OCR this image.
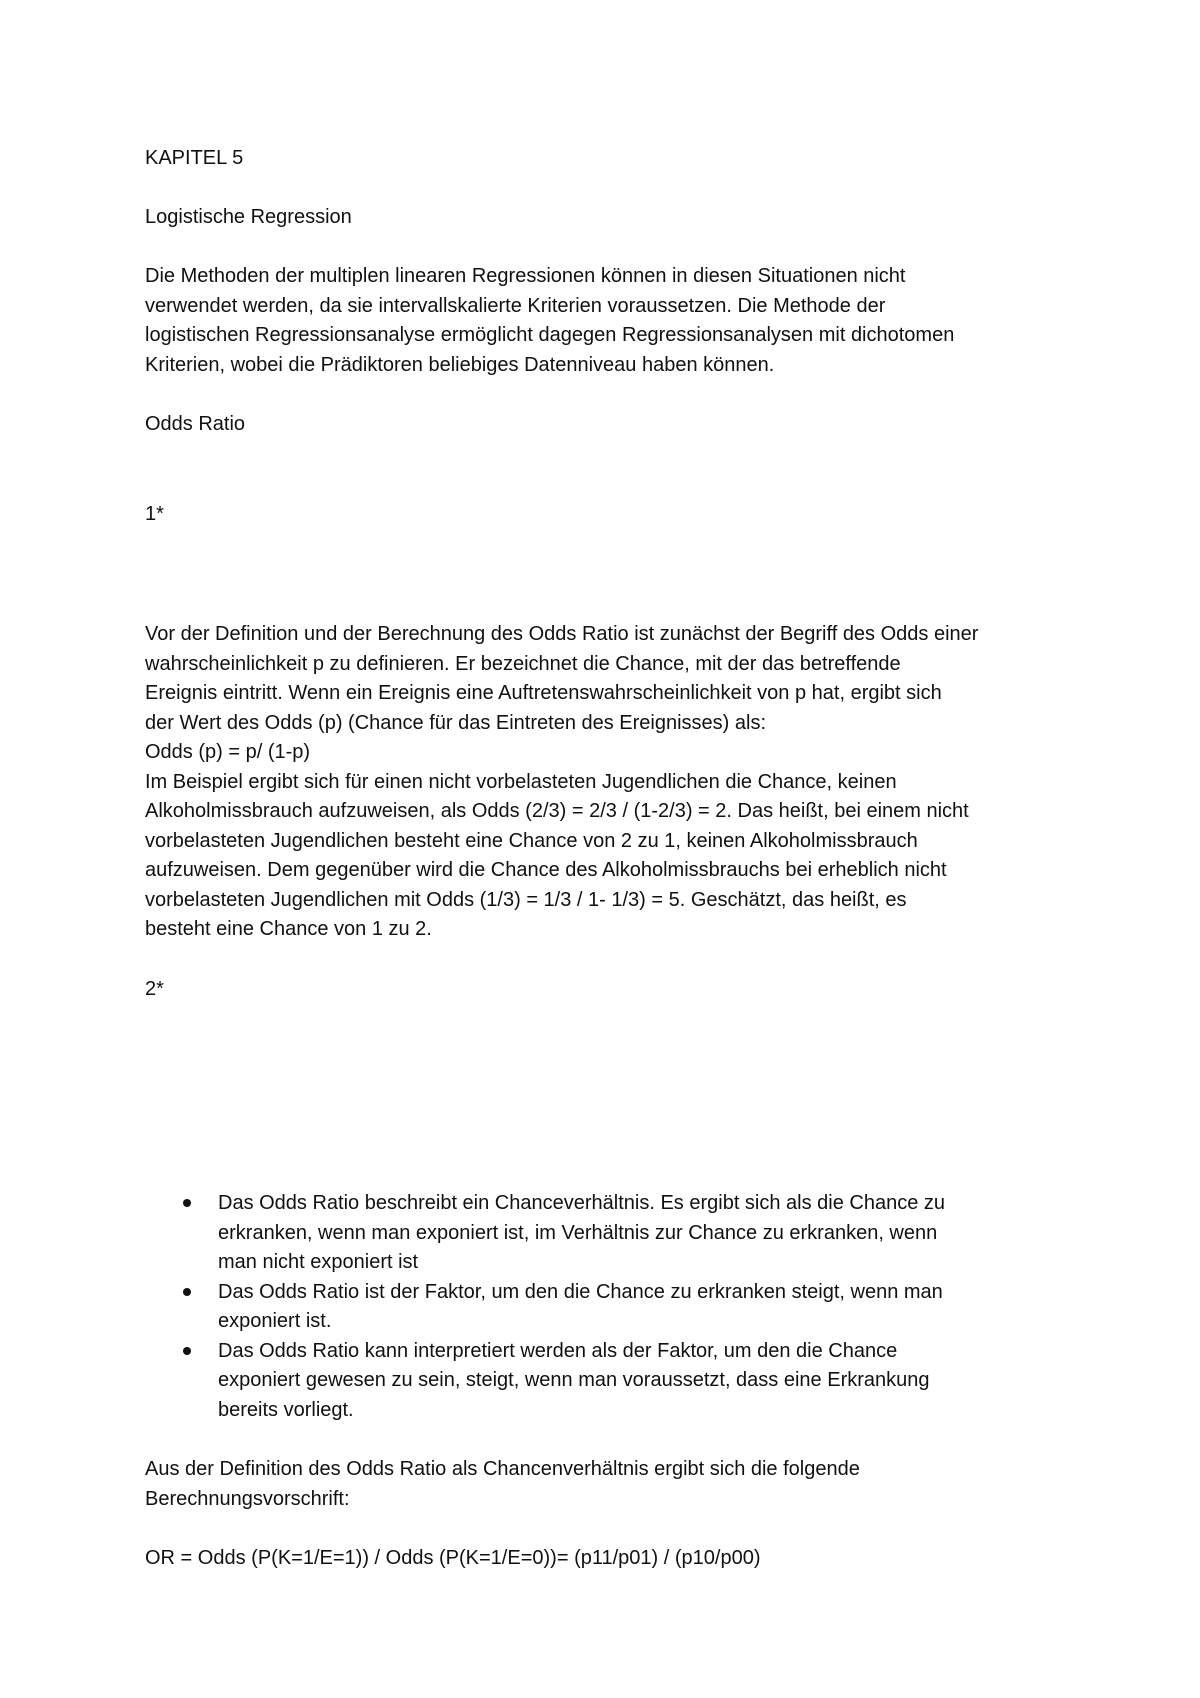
KAPITEL 5

Logistische Regression

Die Methoden der multiplen linearen Regressionen können in diesen Situationen nicht
verwendet werden, da sie intervallskalierte Kriterien voraussetzen. Die Methode der
logistischen Regressionsanalyse ermöglicht dagegen Regressionsanalysen mit dichotomen
Kriterien, wobei die Prädiktoren beliebiges Datenniveau haben können.

Odds Ratio

1*

Vor der Definition und der Berechnung des Odds Ratio ist zunächst der Begriff des Odds einer
wahrscheinlichkeit p zu definieren. Er bezeichnet die Chance, mit der das betreffende
Ereignis eintritt. Wenn ein Ereignis eine Auftretenswahrscheinlichkeit von p hat, ergibt sich
der Wert des Odds (p) (Chance für das Eintreten des Ereignisses) als:
Odds (p) = p/ (1-p)
Im Beispiel ergibt sich für einen nicht vorbelasteten Jugendlichen die Chance, keinen
Alkoholmissbrauch aufzuweisen, als Odds (2/3) = 2/3 / (1-2/3) = 2. Das heißt, bei einem nicht
vorbelasteten Jugendlichen besteht eine Chance von 2 zu 1, keinen Alkoholmissbrauch
aufzuweisen. Dem gegenüber wird die Chance des Alkoholmissbrauchs bei erheblich nicht
vorbelasteten Jugendlichen mit Odds (1/3) = 1/3 / 1- 1/3) = 5. Geschätzt, das heißt, es
besteht eine Chance von 1 zu 2.

2*

Das Odds Ratio beschreibt ein Chanceverhältnis. Es ergibt sich als die Chance zu
erkranken, wenn man exponiert ist, im Verhältnis zur Chance zu erkranken, wenn
man nicht exponiert ist
Das Odds Ratio ist der Faktor, um den die Chance zu erkranken steigt, wenn man
exponiert ist.
Das Odds Ratio kann interpretiert werden als der Faktor, um den die Chance
exponiert gewesen zu sein, steigt, wenn man voraussetzt, dass eine Erkrankung
bereits vorliegt.

Aus der Definition des Odds Ratio als Chancenverhältnis ergibt sich die folgende
Berechnungsvorschrift:

OR = Odds (P(K=1/E=1)) / Odds (P(K=1/E=0))= (p11/p01) / (p10/p00)
